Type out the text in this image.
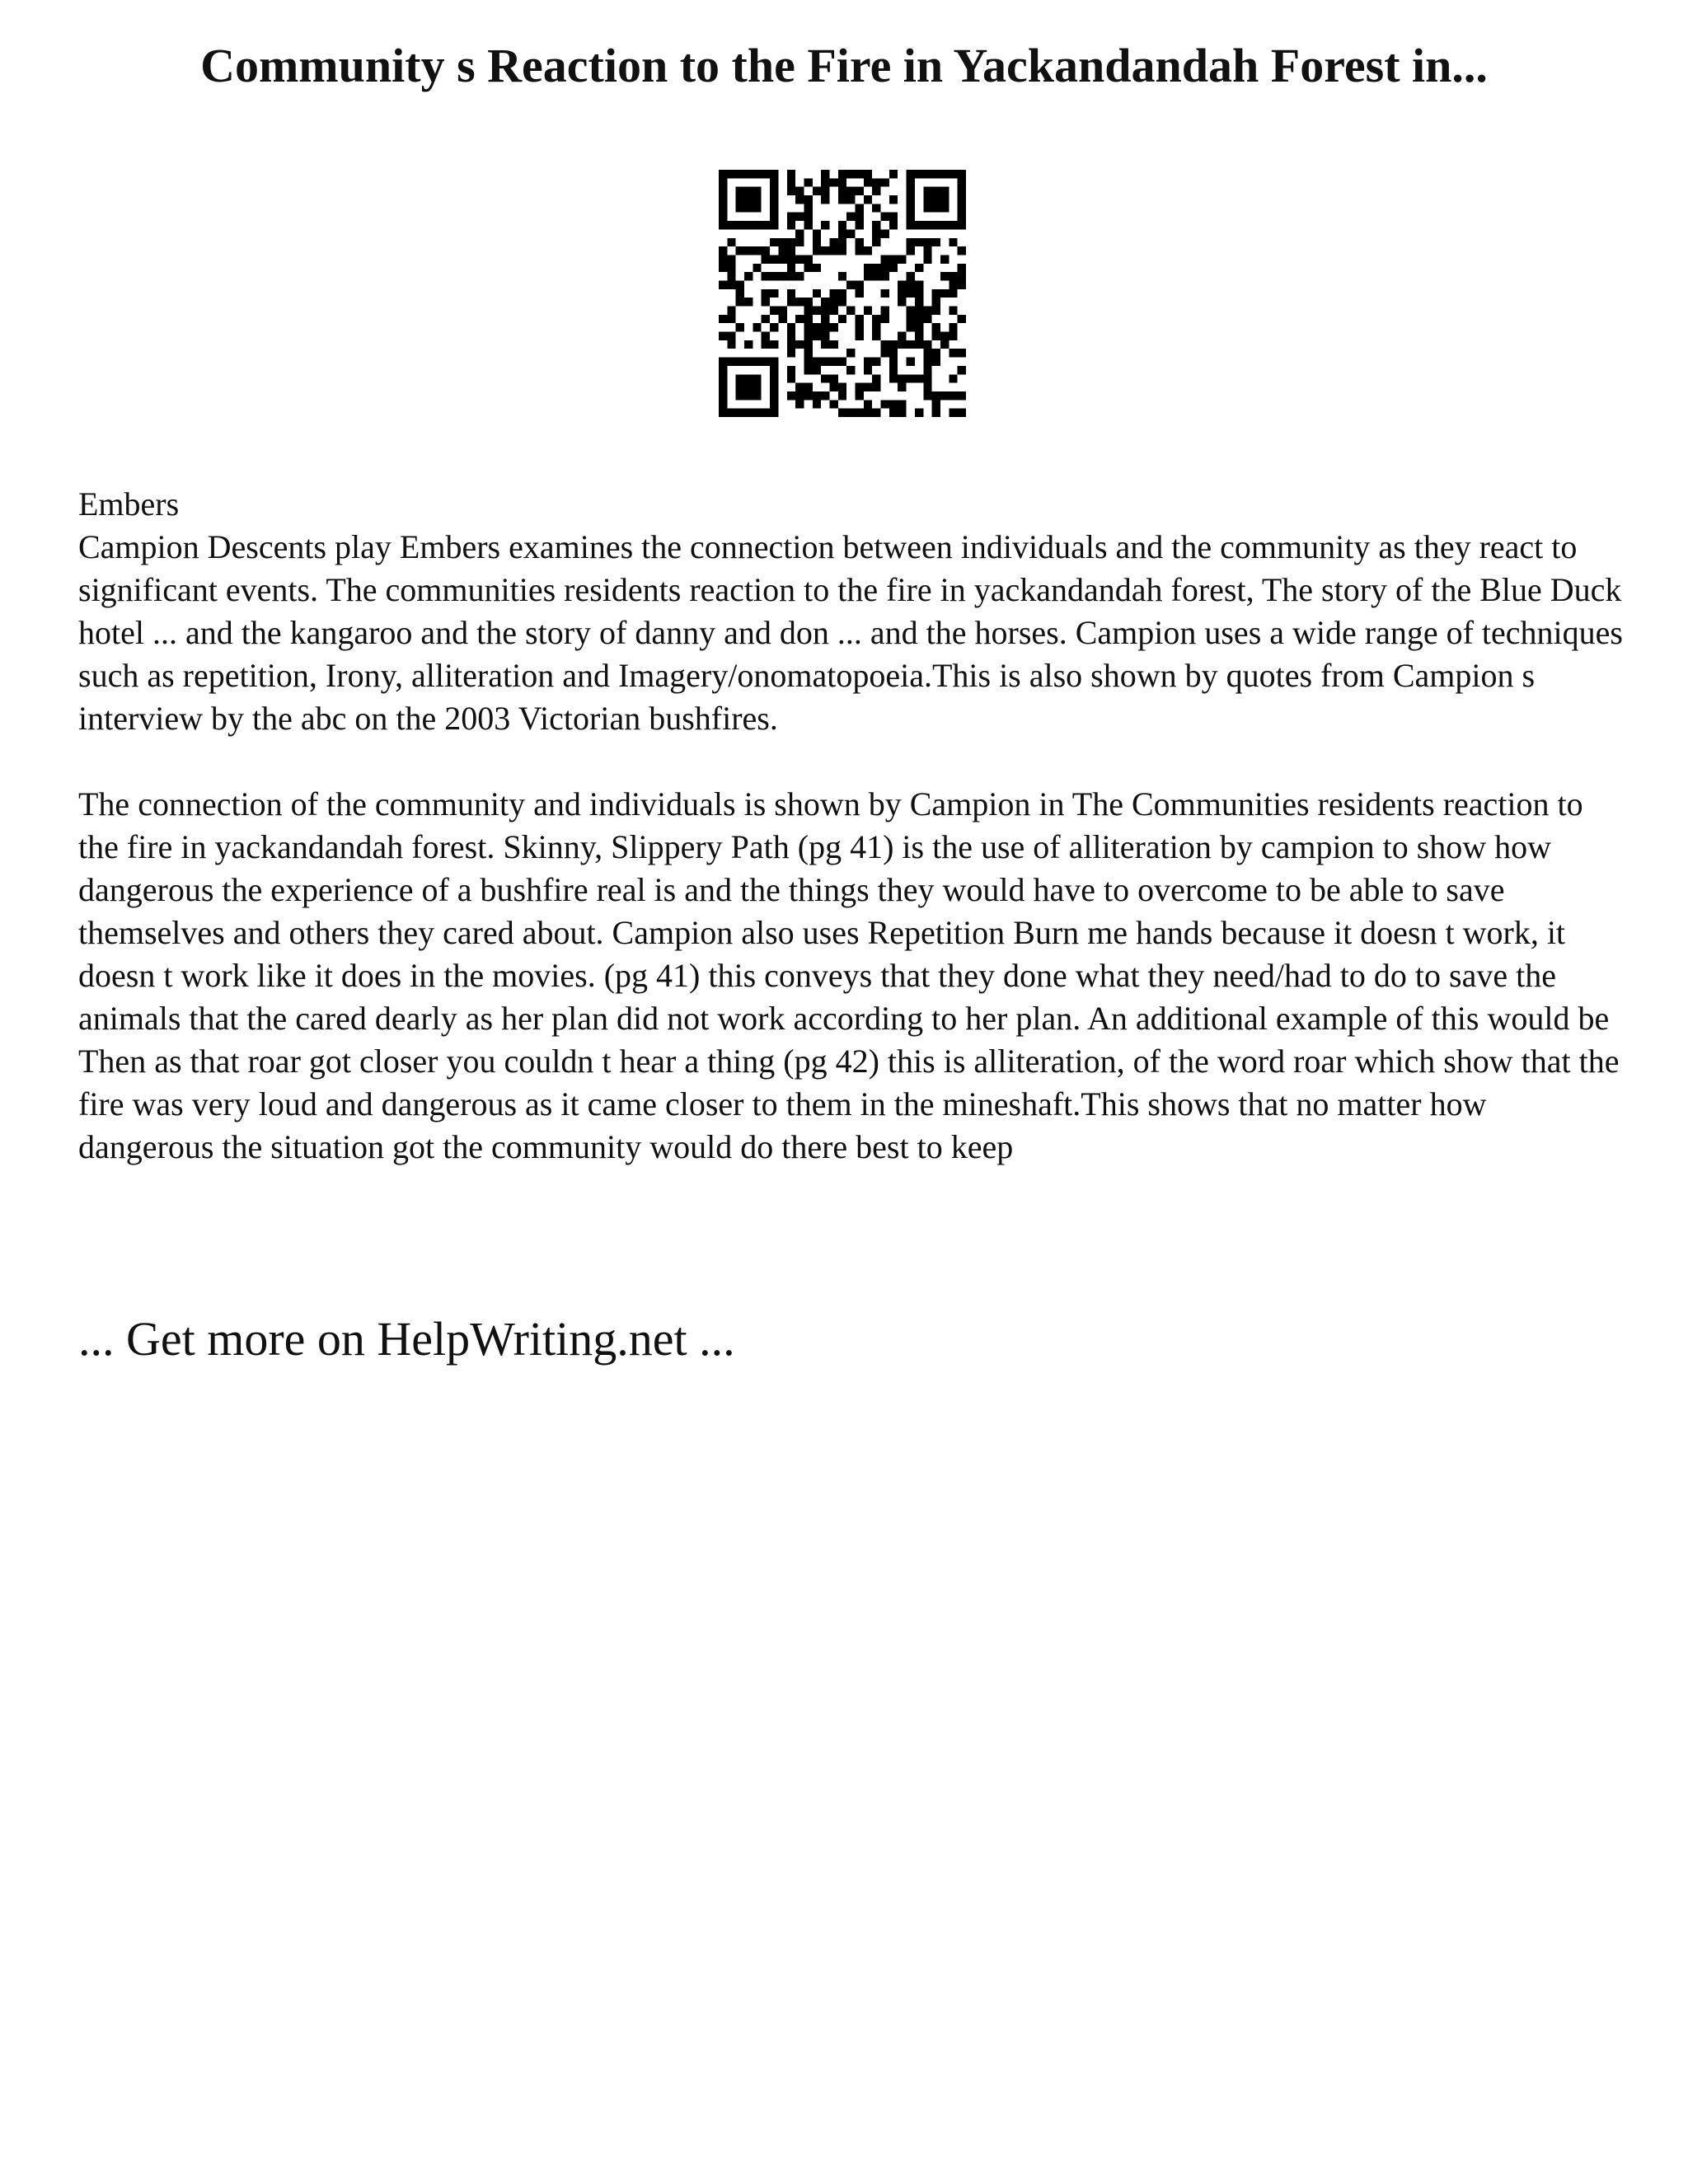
Community s Reaction to the Fire in Yackandandah Forest in...

Embers

Campion Descents play Embers examines the connection between individuals and the community as they react to significant events. The communities residents reaction to the fire in yackandandah forest, The story of the Blue Duck hotel ... and the kangaroo and the story of danny and don ... and the horses. Campion uses a wide range of techniques such as repetition, Irony, alliteration and Imagery/onomatopoeia.This is also shown by quotes from Campion s interview by the abc on the 2003 Victorian bushfires.

The connection of the community and individuals is shown by Campion in The Communities residents reaction to the fire in yackandandah forest. Skinny, Slippery Path (pg 41) is the use of alliteration by campion to show how dangerous the experience of a bushfire real is and the things they would have to overcome to be able to save themselves and others they cared about. Campion also uses Repetition Burn me hands because it doesn t work, it doesn t work like it does in the movies. (pg 41) this conveys that they done what they need/had to do to save the animals that the cared dearly as her plan did not work according to her plan. An additional example of this would be Then as that roar got closer you couldn t hear a thing (pg 42) this is alliteration, of the word roar which show that the fire was very loud and dangerous as it came closer to them in the mineshaft.This shows that no matter how dangerous the situation got the community would do there best to keep

... Get more on HelpWriting.net ...
